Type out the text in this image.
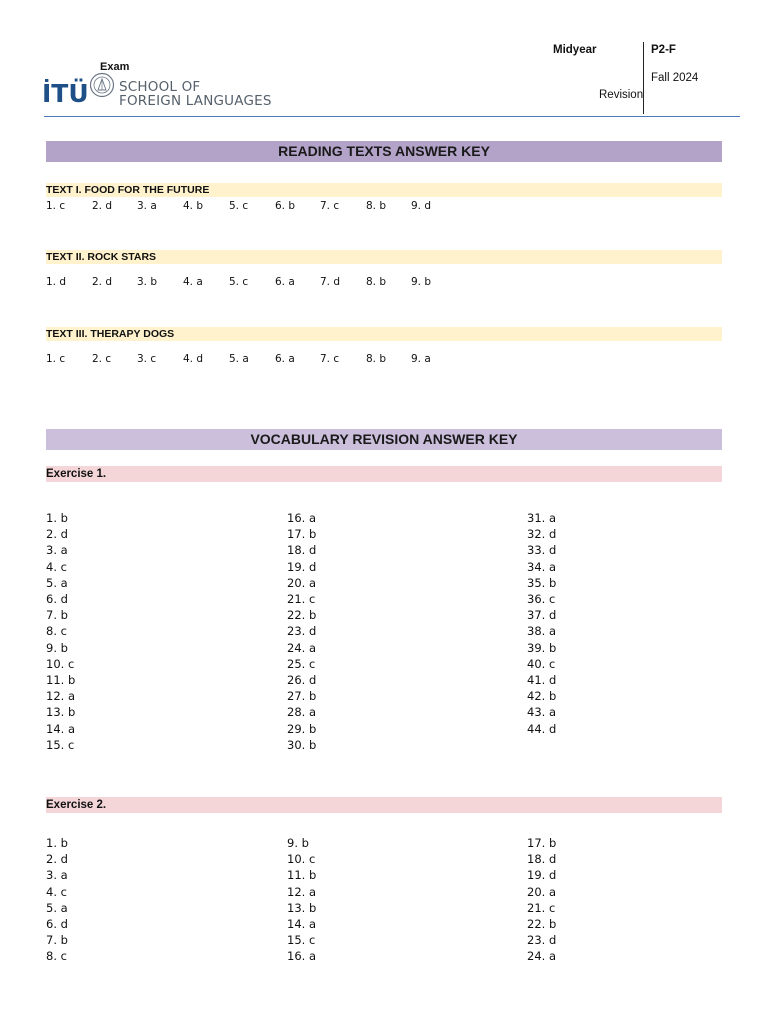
İTÜ SCHOOL OF
FOREIGN LANGUAGES
Exam
Midyear
Revision
P2-F
Fall 2024
READING TEXTS ANSWER KEY
TEXT I. FOOD FOR THE FUTURE
1. c	2. d 3. a 4. b 5. c	6. b 7. c	8. b 9. d
TEXT II. ROCK STARS
1. d 2. d 3. b 4. a 5. c	6. a 7. d 8. b 9. b
TEXT III. THERAPY DOGS
1. c	2. c 3. c	4. d 5. a 6. a 7. c	8. b 9. a
VOCABULARY REVISION ANSWER KEY
Exercise 1.
1. b
2. d
3. a
4. c
5. a
6. d
7. b
8. c
9. b
10. c
11. b
12. a
13. b
14. a
15. c
16. a
17. b
18. d
19. d
20. a
21. c
22. b
23. d
24. a
25. c
26. d
27. b
28. a
29. b
30. b
31. a
32. d
33. d
34. a
35. b
36. c
37. d
38. a
39. b
40. c
41. d
42. b
43. a
44. d
Exercise 2.
1. b
2. d
3. a
4. c
5. a
6. d
7. b
8. c
9. b
10. c
11. b
12. a
13. b
14. a
15. c
16. a
17. b
18. d
19. d
20. a
21. c
22. b
23. d
24. a
